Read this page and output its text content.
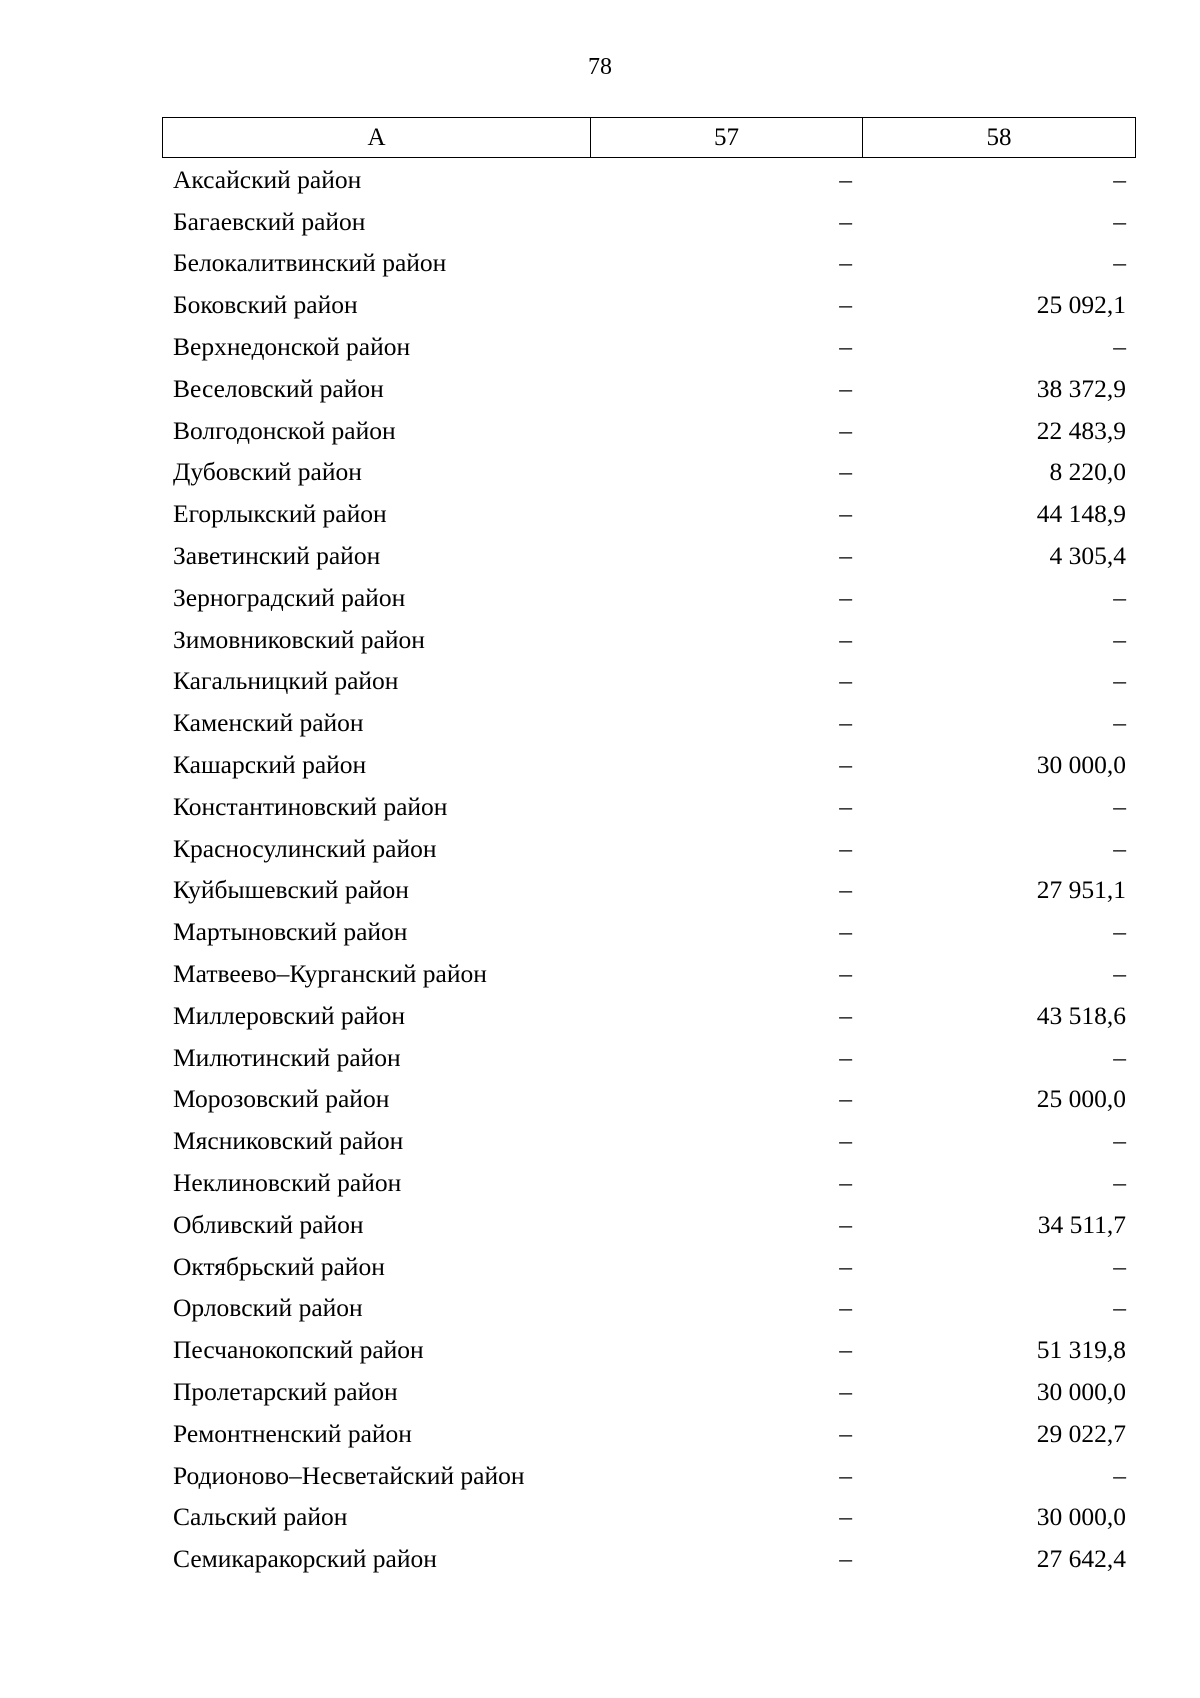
78
А	57	58
Аксайский район	–	–
Багаевский район	–	–
Белокалитвинский район	–	–
Боковский район	–	25 092,1
Верхнедонской район	–	–
Веселовский район	–	38 372,9
Волгодонской район	–	22 483,9
Дубовский район	–	8 220,0
Егорлыкский район	–	44 148,9
Заветинский район	–	4 305,4
Зерноградский район	–	–
Зимовниковский район	–	–
Кагальницкий район	–	–
Каменский район	–	–
Кашарский район	–	30 000,0
Константиновский район	–	–
Красносулинский район	–	–
Куйбышевский район	–	27 951,1
Мартыновский район	–	–
Матвеево–Курганский район	–	–
Миллеровский район	–	43 518,6
Милютинский район	–	–
Морозовский район	–	25 000,0
Мясниковский район	–	–
Неклиновский район	–	–
Обливский район	–	34 511,7
Октябрьский район	–	–
Орловский район	–	–
Песчанокопский район	–	51 319,8
Пролетарский район	–	30 000,0
Ремонтненский район	–	29 022,7
Родионово–Несветайский район	–	–
Сальский район	–	30 000,0
Семикаракорский район	–	27 642,4
